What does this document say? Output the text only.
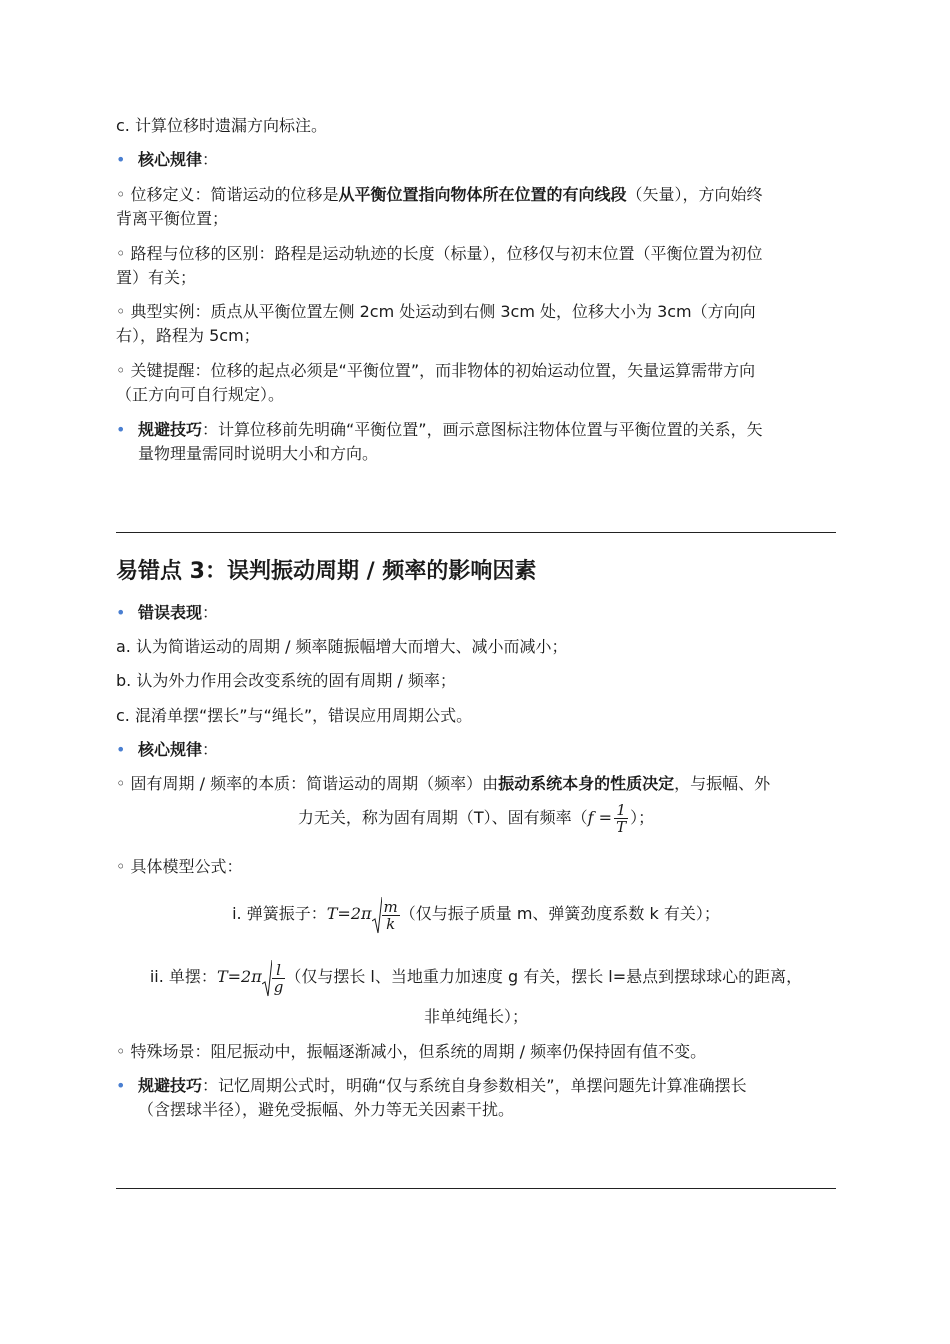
c. 计算位移时遗漏方向标注。
• 核心规律：
◦ 位移定义：简谐运动的位移是从平衡位置指向物体所在位置的有向线段（矢量），方向始终
背离平衡位置；
◦ 路程与位移的区别：路程是运动轨迹的长度（标量），位移仅与初末位置（平衡位置为初位
置）有关；
◦ 典型实例：质点从平衡位置左侧 2cm 处运动到右侧 3cm 处，位移大小为 3cm（方向向
右），路程为 5cm；
◦ 关键提醒：位移的起点必须是“平衡位置”，而非物体的初始运动位置，矢量运算需带方向
（正方向可自行规定）。
• 规避技巧：计算位移前先明确“平衡位置”，画示意图标注物体位置与平衡位置的关系，矢
量物理量需同时说明大小和方向。
易错点 3：误判振动周期 / 频率的影响因素
• 错误表现：
a. 认为简谐运动的周期 / 频率随振幅增大而增大、减小而减小；
b. 认为外力作用会改变系统的固有周期 / 频率；
c. 混淆单摆“摆长”与“绳长”，错误应用周期公式。
• 核心规律：
◦ 固有周期 / 频率的本质：简谐运动的周期（频率）由振动系统本身的性质决定，与振幅、外
力无关，称为固有周期（T）、固有频率（$f = \frac{1}{T}$ ）；
◦ 具体模型公式：
i. 弹簧振子：$T=2\pi \frac{m}{k}$ （仅与振子质量 m、弹簧劲度系数 k 有关）；
ii. 单摆：$T=2\pi \frac{l}{g}$ （仅与摆长 l、当地重力加速度 g 有关，摆长 l=悬点到摆球球心的距离，
非单纯绳长）；
◦ 特殊场景：阻尼振动中，振幅逐渐减小，但系统的周期 / 频率仍保持固有值不变。
• 规避技巧：记忆周期公式时，明确“仅与系统自身参数相关”，单摆问题先计算准确摆长
（含摆球半径），避免受振幅、外力等无关因素干扰。
